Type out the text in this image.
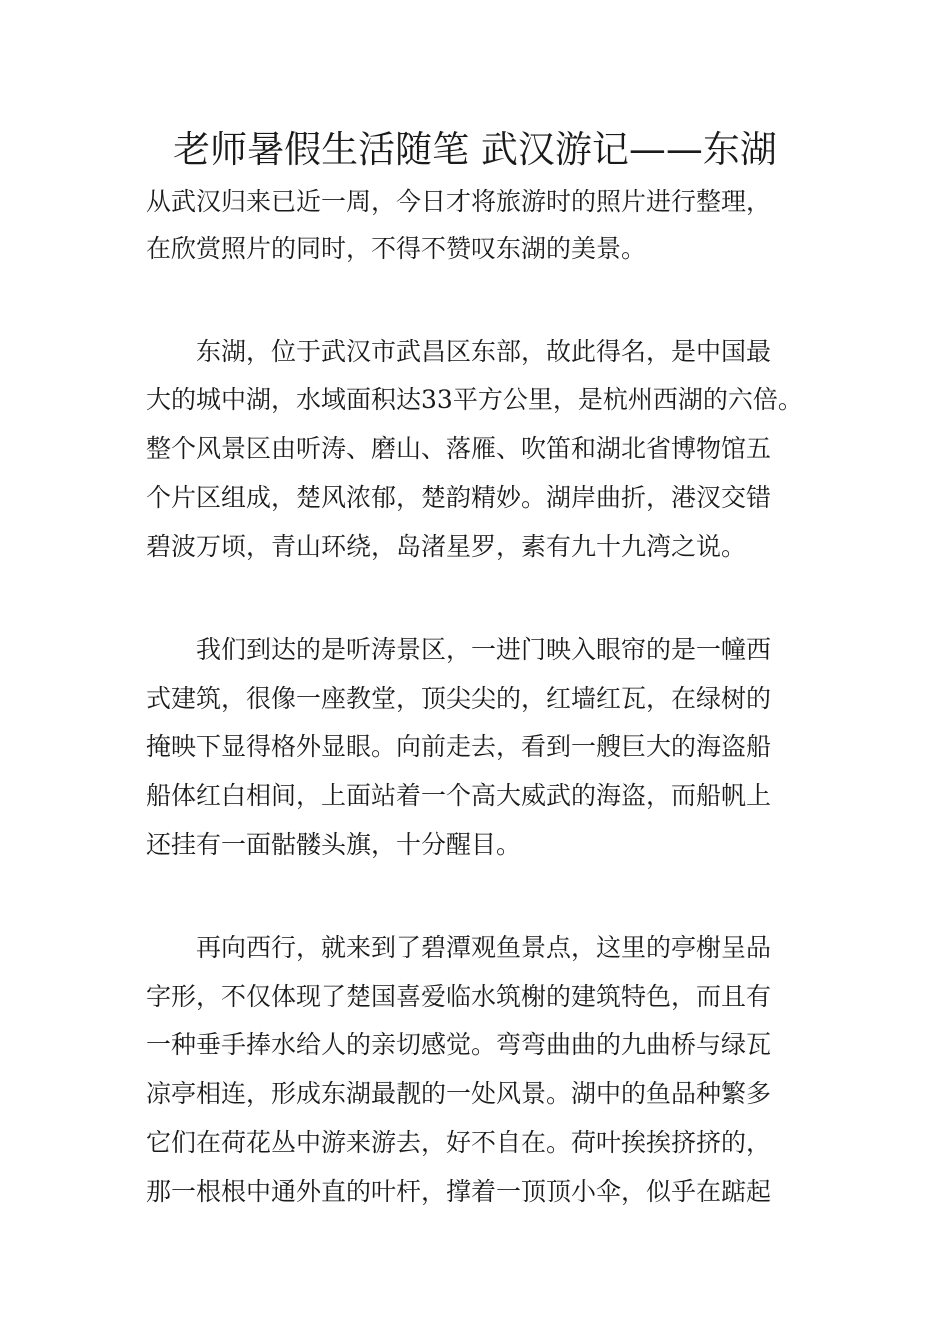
老师暑假生活随笔 武汉游记——东湖

从武汉归来已近一周，今日才将旅游时的照片进行整理，

在欣赏照片的同时，不得不赞叹东湖的美景。

　　东湖，位于武汉市武昌区东部，故此得名，是中国最

大的城中湖，水域面积达33平方公里，是杭州西湖的六倍。

整个风景区由听涛、磨山、落雁、吹笛和湖北省博物馆五

个片区组成，楚风浓郁，楚韵精妙。湖岸曲折，港汊交错

碧波万顷，青山环绕，岛渚星罗，素有九十九湾之说。

　　我们到达的是听涛景区，一进门映入眼帘的是一幢西

式建筑，很像一座教堂，顶尖尖的，红墙红瓦，在绿树的

掩映下显得格外显眼。向前走去，看到一艘巨大的海盗船

船体红白相间，上面站着一个高大威武的海盗，而船帆上

还挂有一面骷髅头旗，十分醒目。

　　再向西行，就来到了碧潭观鱼景点，这里的亭榭呈品

字形，不仅体现了楚国喜爱临水筑榭的建筑特色，而且有

一种垂手捧水给人的亲切感觉。弯弯曲曲的九曲桥与绿瓦

凉亭相连，形成东湖最靓的一处风景。湖中的鱼品种繁多

它们在荷花丛中游来游去，好不自在。荷叶挨挨挤挤的，

那一根根中通外直的叶杆，撑着一顶顶小伞，似乎在踮起
